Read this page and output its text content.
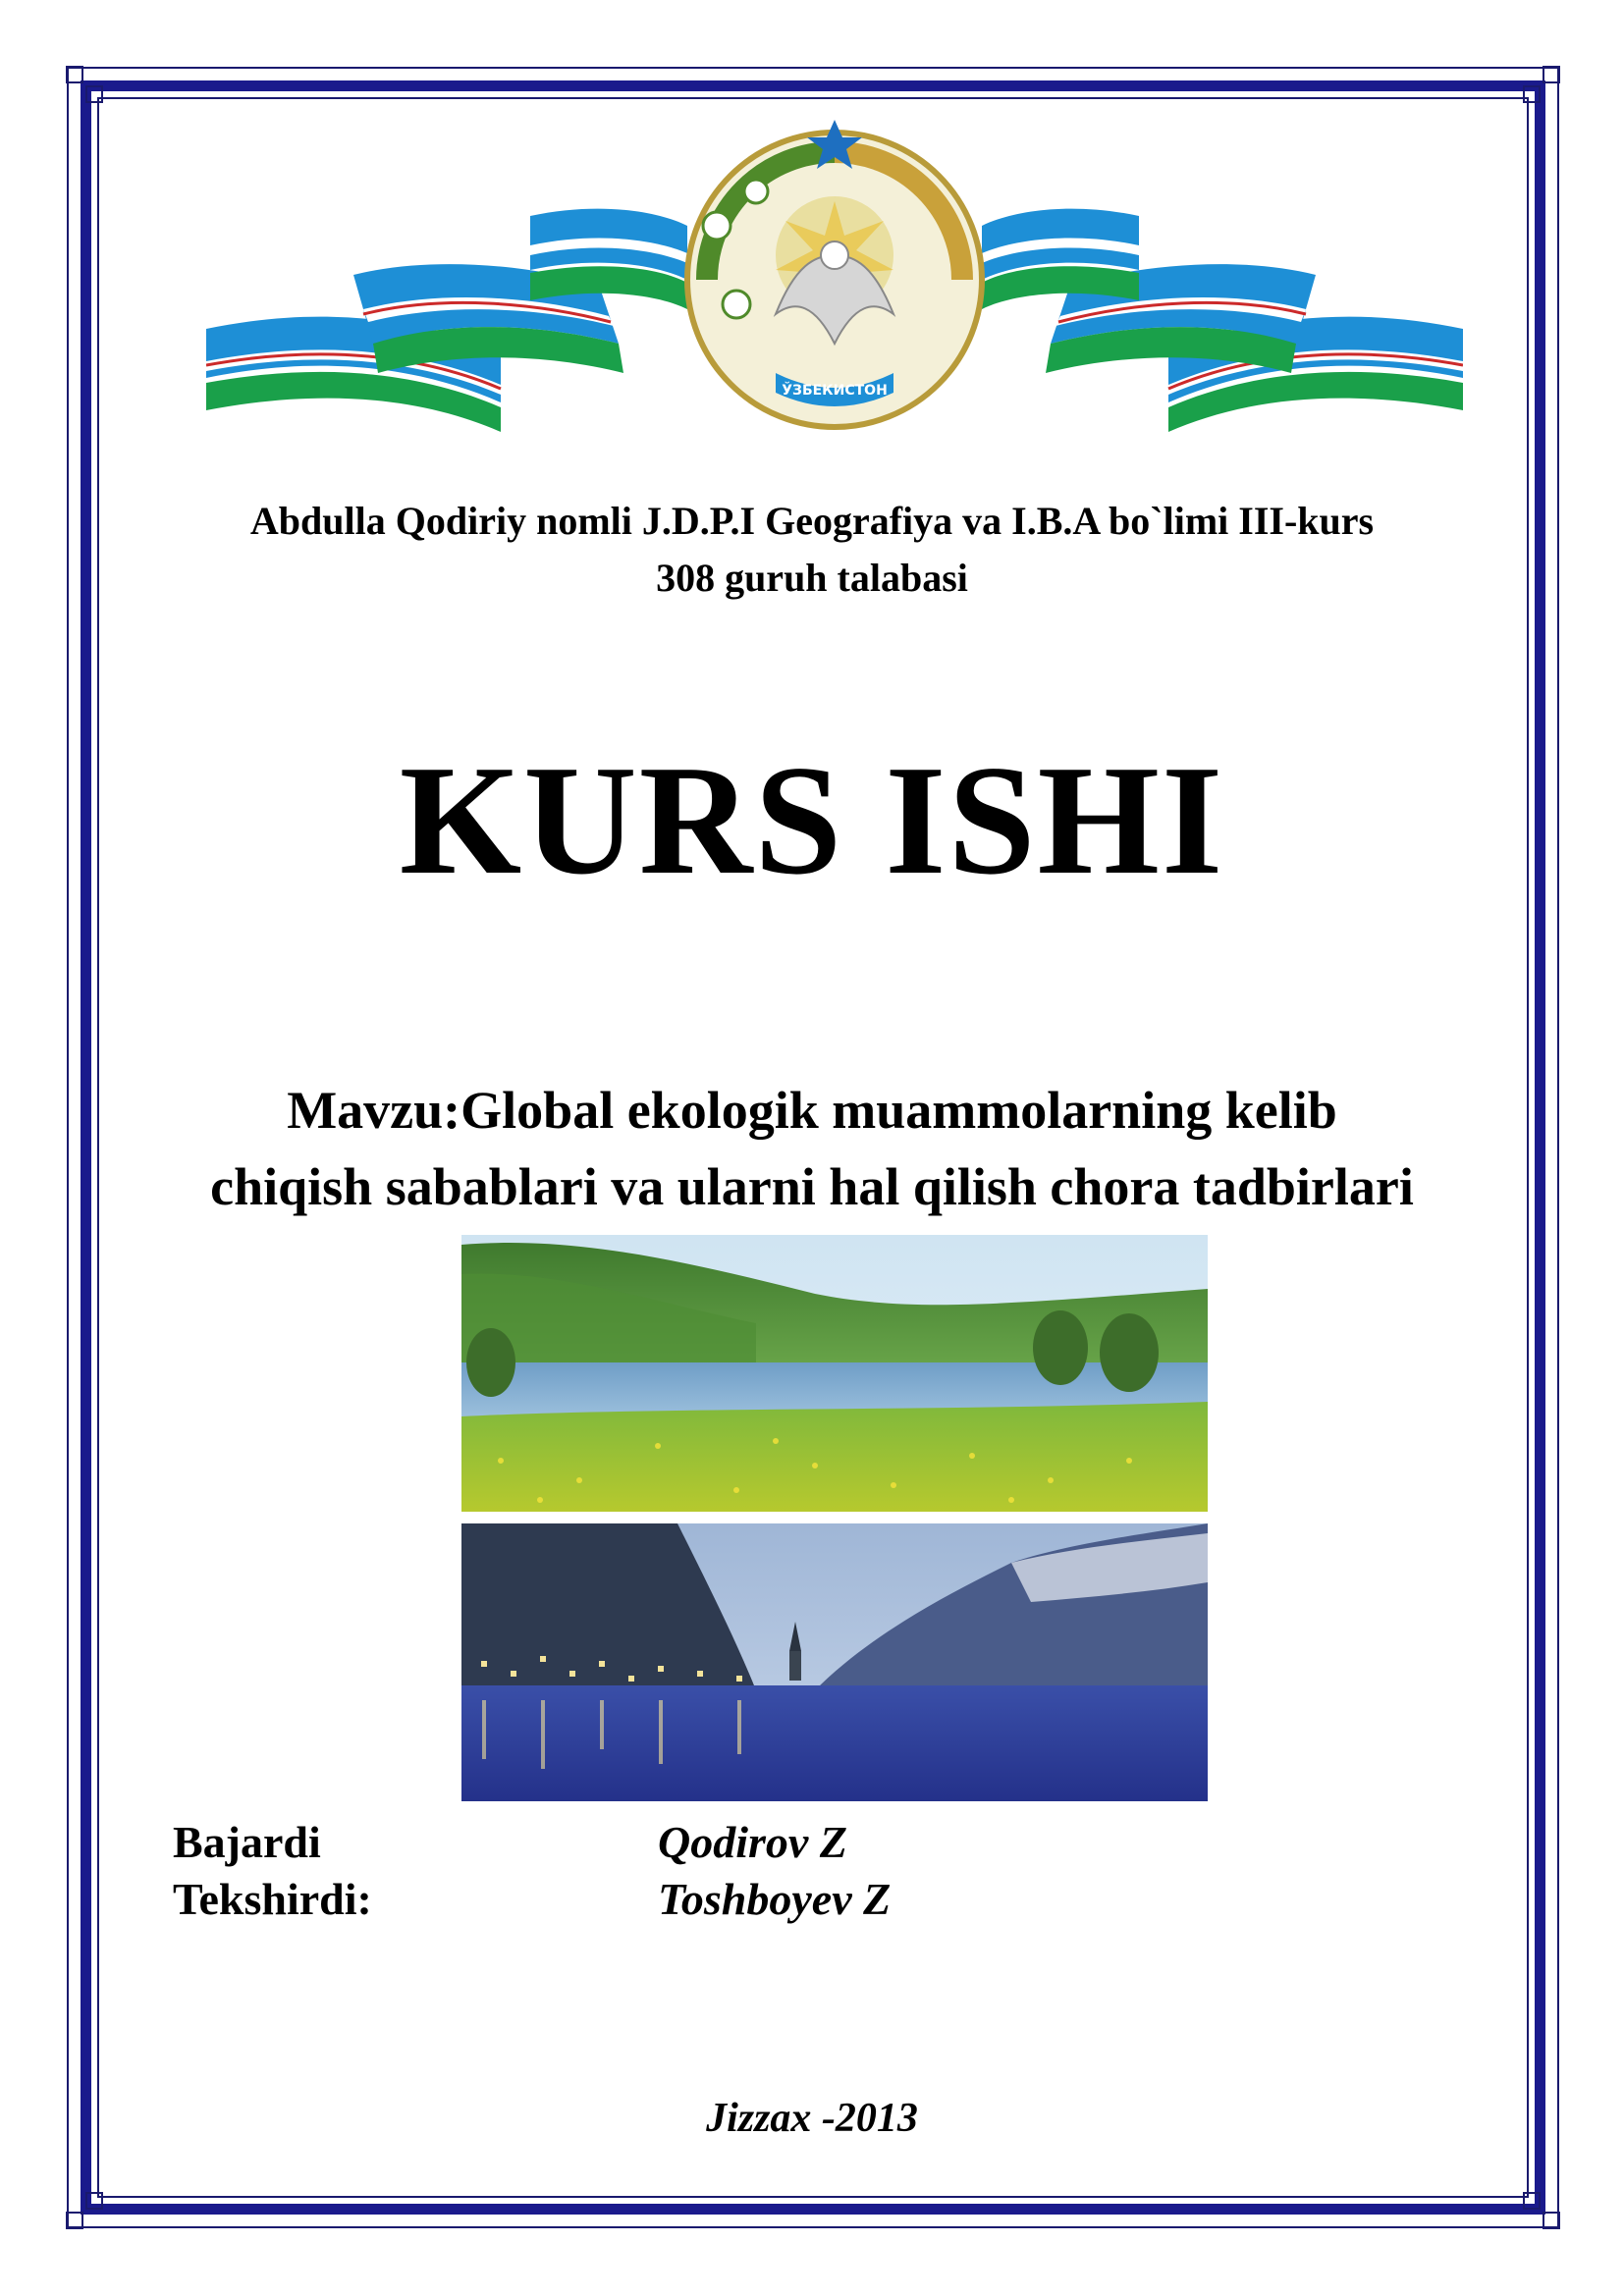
ЎЗБЕКИСТОН
Abdulla Qodiriy nomli J.D.P.I Geografiya va I.B.A bo`limi III-kurs
308 guruh talabasi
KURS ISHI
Mavzu:Global ekologik muammolarning kelib
chiqish sabablari va ularni hal qilish chora tadbirlari
Bajardi	Qodirov Z
Tekshirdi:	Toshboyev Z
Jizzax -2013
